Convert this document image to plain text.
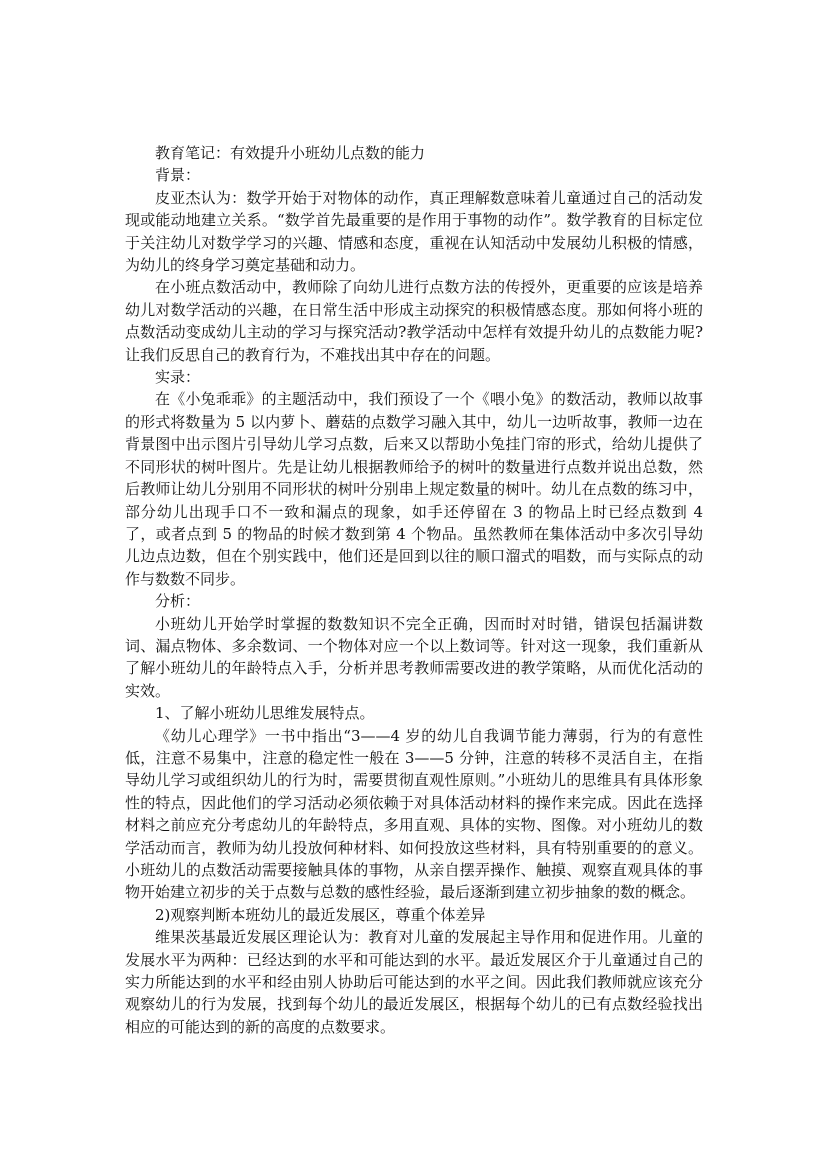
教育笔记：有效提升小班幼儿点数的能力

背景：

皮亚杰认为：数学开始于对物体的动作，真正理解数意味着儿童通过自己的活动发现或能动地建立关系。“数学首先最重要的是作用于事物的动作”。数学教育的目标定位于关注幼儿对数学学习的兴趣、情感和态度，重视在认知活动中发展幼儿积极的情感，为幼儿的终身学习奠定基础和动力。

在小班点数活动中，教师除了向幼儿进行点数方法的传授外，更重要的应该是培养幼儿对数学活动的兴趣，在日常生活中形成主动探究的积极情感态度。那如何将小班的点数活动变成幼儿主动的学习与探究活动?教学活动中怎样有效提升幼儿的点数能力呢?让我们反思自己的教育行为，不难找出其中存在的问题。

实录：

在《小兔乖乖》的主题活动中，我们预设了一个《喂小兔》的数活动，教师以故事的形式将数量为 5 以内萝卜、蘑菇的点数学习融入其中，幼儿一边听故事，教师一边在背景图中出示图片引导幼儿学习点数，后来又以帮助小兔挂门帘的形式，给幼儿提供了不同形状的树叶图片。先是让幼儿根据教师给予的树叶的数量进行点数并说出总数，然后教师让幼儿分别用不同形状的树叶分别串上规定数量的树叶。幼儿在点数的练习中，部分幼儿出现手口不一致和漏点的现象，如手还停留在 3 的物品上时已经点数到 4 了，或者点到 5 的物品的时候才数到第 4 个物品。虽然教师在集体活动中多次引导幼儿边点边数，但在个别实践中，他们还是回到以往的顺口溜式的唱数，而与实际点的动作与数数不同步。

分析：

小班幼儿开始学时掌握的数数知识不完全正确，因而时对时错，错误包括漏讲数词、漏点物体、多余数词、一个物体对应一个以上数词等。针对这一现象，我们重新从了解小班幼儿的年龄特点入手，分析并思考教师需要改进的教学策略，从而优化活动的实效。

1、了解小班幼儿思维发展特点。

《幼儿心理学》一书中指出“3——4 岁的幼儿自我调节能力薄弱，行为的有意性低，注意不易集中，注意的稳定性一般在 3——5 分钟，注意的转移不灵活自主，在指导幼儿学习或组织幼儿的行为时，需要贯彻直观性原则。”小班幼儿的思维具有具体形象性的特点，因此他们的学习活动必须依赖于对具体活动材料的操作来完成。因此在选择材料之前应充分考虑幼儿的年龄特点，多用直观、具体的实物、图像。对小班幼儿的数学活动而言，教师为幼儿投放何种材料、如何投放这些材料，具有特别重要的的意义。小班幼儿的点数活动需要接触具体的事物，从亲自摆弄操作、触摸、观察直观具体的事物开始建立初步的关于点数与总数的感性经验，最后逐渐到建立初步抽象的数的概念。

2)观察判断本班幼儿的最近发展区，尊重个体差异

维果茨基最近发展区理论认为：教育对儿童的发展起主导作用和促进作用。儿童的发展水平为两种：已经达到的水平和可能达到的水平。最近发展区介于儿童通过自己的实力所能达到的水平和经由别人协助后可能达到的水平之间。因此我们教师就应该充分观察幼儿的行为发展，找到每个幼儿的最近发展区，根据每个幼儿的已有点数经验找出相应的可能达到的新的高度的点数要求。
